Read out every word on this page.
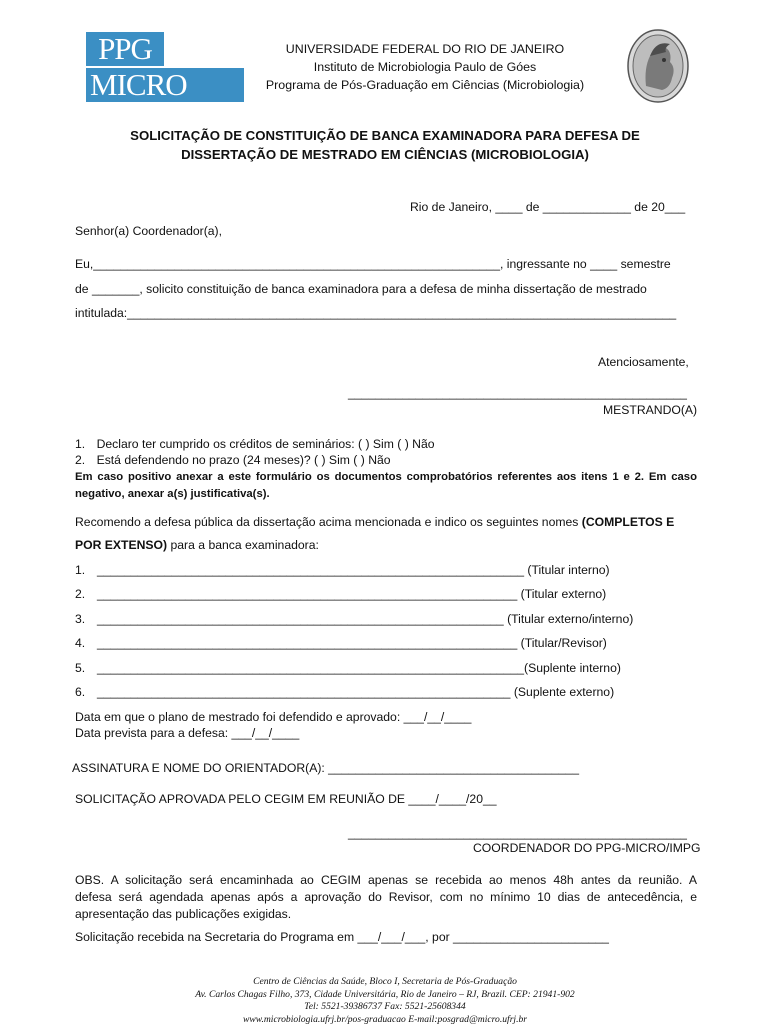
PPG
MICRO
UNIVERSIDADE FEDERAL DO RIO DE JANEIRO
Instituto de Microbiologia Paulo de Góes
Programa de Pós-Graduação em Ciências (Microbiologia)
SOLICITAÇÃO DE CONSTITUIÇÃO DE BANCA EXAMINADORA PARA DEFESA DE
DISSERTAÇÃO DE MESTRADO EM CIÊNCIAS (MICROBIOLOGIA)
Rio de Janeiro, ____ de _____________ de 20___
Senhor(a) Coordenador(a),
Eu,____________________________________________________________, ingressante no ____ semestre
de _______, solicito constituição de banca examinadora para a defesa de minha dissertação de mestrado
intitulada:_________________________________________________________________________________
Atenciosamente,
__________________________________________________
MESTRANDO(A)
1. Declaro ter cumprido os créditos de seminários: ( ) Sim ( ) Não
2. Está defendendo no prazo (24 meses)? ( ) Sim ( ) Não
Em caso positivo anexar a este formulário os documentos comprobatórios referentes aos itens 1 e 2. Em caso
negativo, anexar a(s) justificativa(s).
Recomendo a defesa pública da dissertação acima mencionada e indico os seguintes nomes (COMPLETOS E
POR EXTENSO) para a banca examinadora:
1. _______________________________________________________________ (Titular interno)
2. ______________________________________________________________ (Titular externo)
3. ____________________________________________________________ (Titular externo/interno)
4. ______________________________________________________________ (Titular/Revisor)
5. _______________________________________________________________(Suplente interno)
6. _____________________________________________________________ (Suplente externo)
Data em que o plano de mestrado foi defendido e aprovado: ___/__/____
Data prevista para a defesa: ___/__/____
ASSINATURA E NOME DO ORIENTADOR(A): _____________________________________
SOLICITAÇÃO APROVADA PELO CEGIM EM REUNIÃO DE ____/____/20__
__________________________________________________
COORDENADOR DO PPG-MICRO/IMPG
OBS. A solicitação será encaminhada ao CEGIM apenas se recebida ao menos 48h antes da reunião. A
defesa será agendada apenas após a aprovação do Revisor, com no mínimo 10 dias de antecedência, e
apresentação das publicações exigidas.
Solicitação recebida na Secretaria do Programa em ___/___/___, por _______________________
Centro de Ciências da Saúde, Bloco I, Secretaria de Pós-Graduação
Av. Carlos Chagas Filho, 373, Cidade Universitária, Rio de Janeiro – RJ, Brazil. CEP: 21941-902
Tel: 5521-39386737 Fax: 5521-25608344
www.microbiologia.ufrj.br/pos-graduacao E-mail:posgrad@micro.ufrj.br
